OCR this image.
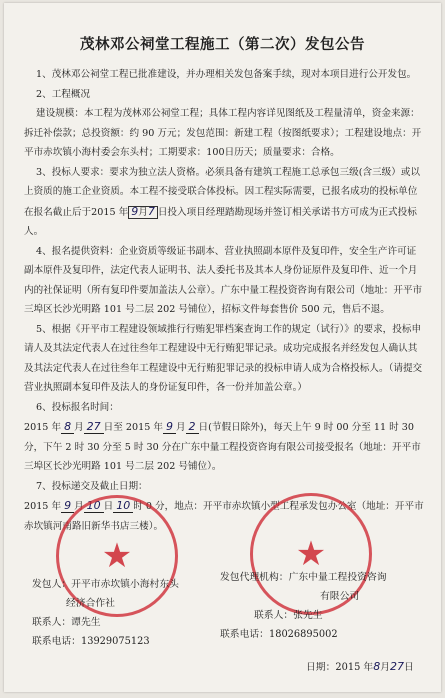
茂林邓公祠堂工程施工（第二次）发包公告

1、茂林邓公祠堂工程已批准建设，并办理相关发包备案手续，现对本项目进行公开发包。

2、工程概况

建设规模：本工程为茂林邓公祠堂工程；具体工程内容详见图纸及工程量清单，资金来源：拆迁补偿款；总投资额：约 90 万元；发包范围：新建工程（按图纸要求）；工程建设地点：开平市赤坎镇小海村委会东头村；工期要求：100日历天；质量要求：合格。

3、投标人要求：要求为独立法人资格。必须具备有建筑工程施工总承包三级(含三级）或以上资质的施工企业资质。本工程不接受联合体投标。因工程实际需要，已报名成功的投标单位在报名截止后于2015 年 9月7 日投入项目经理踏勘现场并签订相关承诺书方可成为正式投标人。

4、报名提供资料：企业资质等级证书副本、营业执照副本原件及复印件，安全生产许可证副本原件及复印件，法定代表人证明书、法人委托书及其本人身份证原件及复印件、近一个月内的社保证明（所有复印件要加盖法人公章）。广东中量工程投资咨询有限公司（地址：开平市三埠区长沙光明路 101 号二层 202 号铺位），招标文件每套售价 500 元，售后不退。

5、根据《开平市工程建设领域推行行贿犯罪档案查询工作的规定（试行）》的要求，投标申请人及其法定代表人在过往叁年工程建设中无行贿犯罪记录。成功完成报名并经发包人确认其及其法定代表人在过往叁年工程建设中无行贿犯罪记录的投标申请人成为合格投标人。（请提交营业执照副本复印件及法人的身份证复印件，各一份并加盖公章。）

6、投标报名时间：

2015 年 8 月 27 日至 2015 年 9 月 2 日(节假日除外)，每天上午 9 时 00 分至 11 时 30 分，下午 2 时 30 分至 5 时 30 分在广东中量工程投资咨询有限公司接受报名（地址：开平市三埠区长沙光明路 101 号二层 202 号铺位）。

7、投标递交及截止日期：

2015 年 9 月 10 日 10 时 0 分，地点：开平市赤坎镇小型工程承发包办公室（地址：开平市赤坎镇河南路旧新华书店三楼）。

★	★
发包人：开平市赤坎镇小海村东头
经济合作社
联系人：谭先生
联系电话：13929075123
发包代理机构：广东中量工程投资咨询
有限公司
联系人：张先生
联系电话：18026895002
日期：2015 年8月27日
